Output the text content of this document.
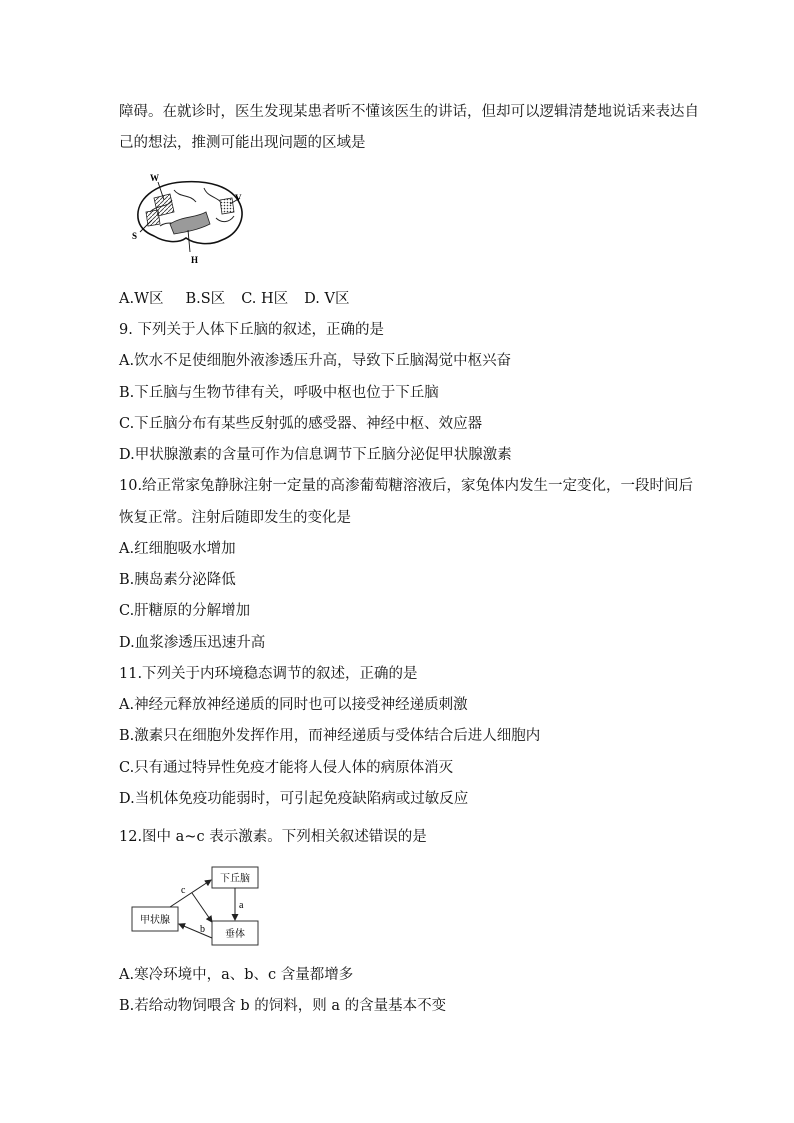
障碍。在就诊时，医生发现某患者听不懂该医生的讲话，但却可以逻辑清楚地说话来表达自
己的想法，推测可能出现问题的区域是
W
V
S
H
A.W区 B.S区 C. H区 D. V区
9. 下列关于人体下丘脑的叙述，正确的是
A.饮水不足使细胞外液渗透压升高，导致下丘脑渴觉中枢兴奋
B.下丘脑与生物节律有关，呼吸中枢也位于下丘脑
C.下丘脑分布有某些反射弧的感受器、神经中枢、效应器
D.甲状腺激素的含量可作为信息调节下丘脑分泌促甲状腺激素
10.给正常家兔静脉注射一定量的高渗葡萄糖溶液后，家兔体内发生一定变化，一段时间后
恢复正常。注射后随即发生的变化是
A.红细胞吸水增加
B.胰岛素分泌降低
C.肝糖原的分解增加
D.血浆渗透压迅速升高
11.下列关于内环境稳态调节的叙述，正确的是
A.神经元释放神经递质的同时也可以接受神经递质刺激
B.激素只在细胞外发挥作用，而神经递质与受体结合后进人细胞内
C.只有通过特异性免疫才能将人侵人体的病原体消灭
D.当机体免疫功能弱时，可引起免疫缺陷病或过敏反应
12.图中 a~c 表示激素。下列相关叙述错误的是
下丘脑
甲状腺
垂体
a
c
b
A.寒冷环境中，a、b、c 含量都增多
B.若给动物饲喂含 b 的饲料，则 a 的含量基本不变
